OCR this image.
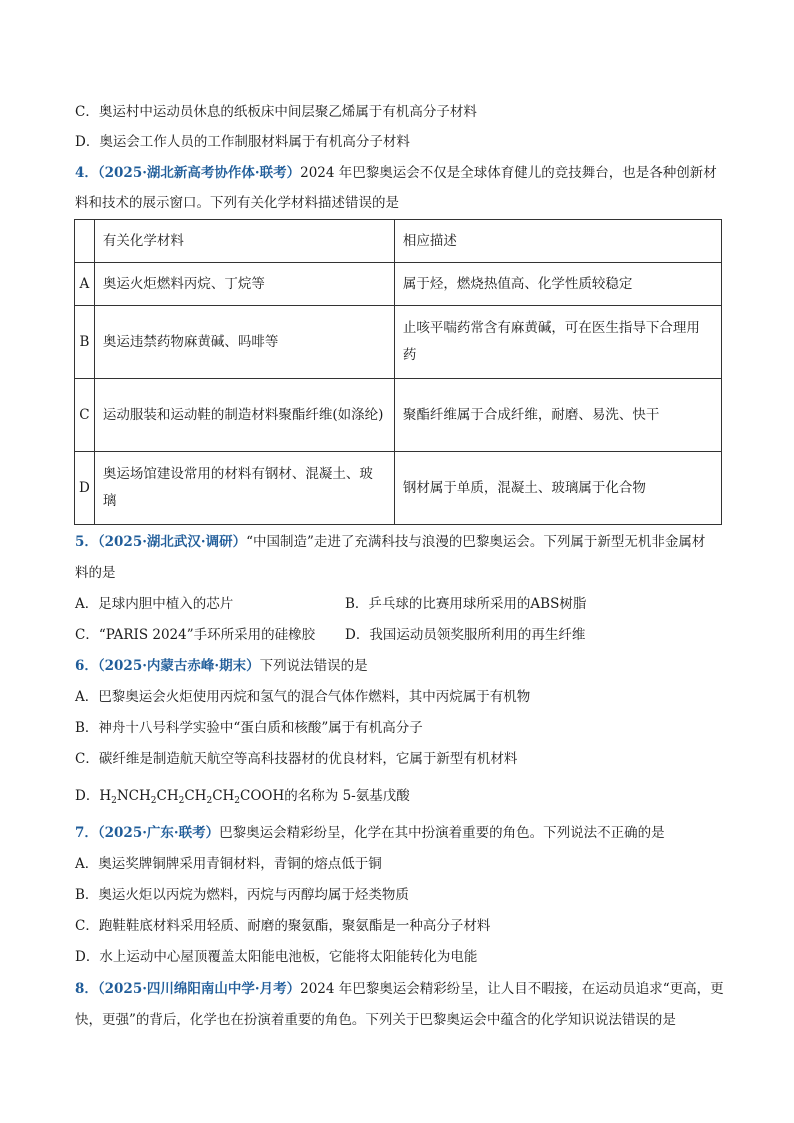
C．奥运村中运动员休息的纸板床中间层聚乙烯属于有机高分子材料
D．奥运会工作人员的工作制服材料属于有机高分子材料
4．（2025·湖北新高考协作体·联考）2024 年巴黎奥运会不仅是全球体育健儿的竞技舞台，也是各种创新材
料和技术的展示窗口。下列有关化学材料描述错误的是
	有关化学材料	相应描述
A	奥运火炬燃料丙烷、丁烷等	属于烃，燃烧热值高、化学性质较稳定
B	奥运违禁药物麻黄碱、吗啡等	止咳平喘药常含有麻黄碱，可在医生指导下合理用药
C	运动服装和运动鞋的制造材料聚酯纤维(如涤纶)	聚酯纤维属于合成纤维，耐磨、易洗、快干
D	奥运场馆建设常用的材料有钢材、混凝土、玻璃	钢材属于单质，混凝土、玻璃属于化合物
5．（2025·湖北武汉·调研）“中国制造”走进了充满科技与浪漫的巴黎奥运会。下列属于新型无机非金属材
料的是
A．足球内胆中植入的芯片	B．乒乓球的比赛用球所采用的ABS树脂
C．“PARIS 2024”手环所采用的硅橡胶 D．我国运动员领奖服所利用的再生纤维
6．（2025·内蒙古赤峰·期末）下列说法错误的是
A．巴黎奥运会火炬使用丙烷和氢气的混合气体作燃料，其中丙烷属于有机物
B．神舟十八号科学实验中“蛋白质和核酸”属于有机高分子
C．碳纤维是制造航天航空等高科技器材的优良材料，它属于新型有机材料
D．$H_2NCH_2CH_2CH_2CH_2COOH$的名称为 5-氨基戊酸
7．（2025·广东·联考）巴黎奥运会精彩纷呈，化学在其中扮演着重要的角色。下列说法不正确的是
A．奥运奖牌铜牌采用青铜材料，青铜的熔点低于铜
B．奥运火炬以丙烷为燃料，丙烷与丙醇均属于烃类物质
C．跑鞋鞋底材料采用轻质、耐磨的聚氨酯，聚氨酯是一种高分子材料
D．水上运动中心屋顶覆盖太阳能电池板，它能将太阳能转化为电能
8．（2025·四川绵阳南山中学·月考）2024 年巴黎奥运会精彩纷呈，让人目不暇接，在运动员追求“更高，更
快，更强”的背后，化学也在扮演着重要的角色。下列关于巴黎奥运会中蕴含的化学知识说法错误的是
